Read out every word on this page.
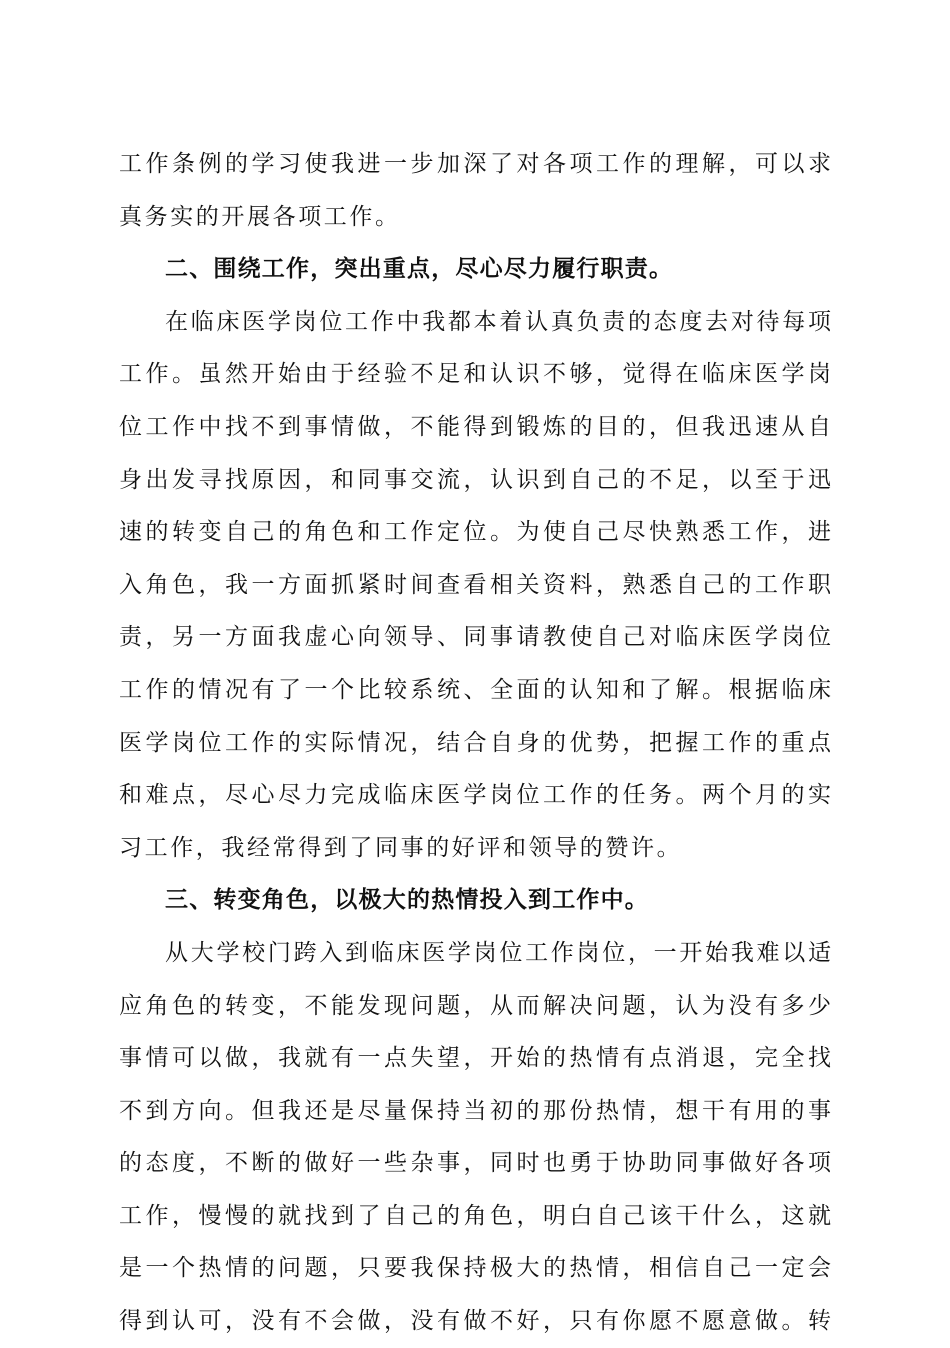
工 作 条 例 的 学 习 使 我 进 一 步 加 深 了 对 各 项 工 作 的 理 解 ， 可 以 求
真务实的开展各项工作。
二、围绕工作，突出重点，尽心尽力履行职责。
在 临 床 医 学 岗 位 工 作 中 我 都 本 着 认 真 负 责 的 态 度 去 对 待 每 项
工 作 。 虽 然 开 始 由 于 经 验 不 足 和 认 识 不 够 ， 觉 得 在 临 床 医 学 岗
位 工 作 中 找 不 到 事 情 做 ， 不 能 得 到 锻 炼 的 目 的 ， 但 我 迅 速 从 自
身 出 发 寻 找 原 因 ， 和 同 事 交 流 ， 认 识 到 自 己 的 不 足 ， 以 至 于 迅
速 的 转 变 自 己 的 角 色 和 工 作 定 位 。 为 使 自 己 尽 快 熟 悉 工 作 ， 进
入 角 色 ， 我 一 方 面 抓 紧 时 间 查 看 相 关 资 料 ， 熟 悉 自 己 的 工 作 职
责 ， 另 一 方 面 我 虚 心 向 领 导 、 同 事 请 教 使 自 己 对 临 床 医 学 岗 位
工 作 的 情 况 有 了 一 个 比 较 系 统 、 全 面 的 认 知 和 了 解 。 根 据 临 床
医 学 岗 位 工 作 的 实 际 情 况 ， 结 合 自 身 的 优 势 ， 把 握 工 作 的 重 点
和 难 点 ， 尽 心 尽 力 完 成 临 床 医 学 岗 位 工 作 的 任 务 。 两 个 月 的 实
习工作，我经常得到了同事的好评和领导的赞许。
三、转变角色，以极大的热情投入到工作中。
从 大 学 校 门 跨 入 到 临 床 医 学 岗 位 工 作 岗 位 ， 一 开 始 我 难 以 适
应 角 色 的 转 变 ， 不 能 发 现 问 题 ， 从 而 解 决 问 题 ， 认 为 没 有 多 少
事 情 可 以 做 ， 我 就 有 一 点 失 望 ， 开 始 的 热 情 有 点 消 退 ， 完 全 找
不 到 方 向 。 但 我 还 是 尽 量 保 持 当 初 的 那 份 热 情 ， 想 干 有 用 的 事
的 态 度 ， 不 断 的 做 好 一 些 杂 事 ， 同 时 也 勇 于 协 助 同 事 做 好 各 项
工 作 ， 慢 慢 的 就 找 到 了 自 己 的 角 色 ， 明 白 自 己 该 干 什 么 ， 这 就
是 一 个 热 情 的 问 题 ， 只 要 我 保 持 极 大 的 热 情 ， 相 信 自 己 一 定 会
得 到 认 可 ， 没 有 不 会 做 ， 没 有 做 不 好 ， 只 有 你 愿 不 愿 意 做 。 转
